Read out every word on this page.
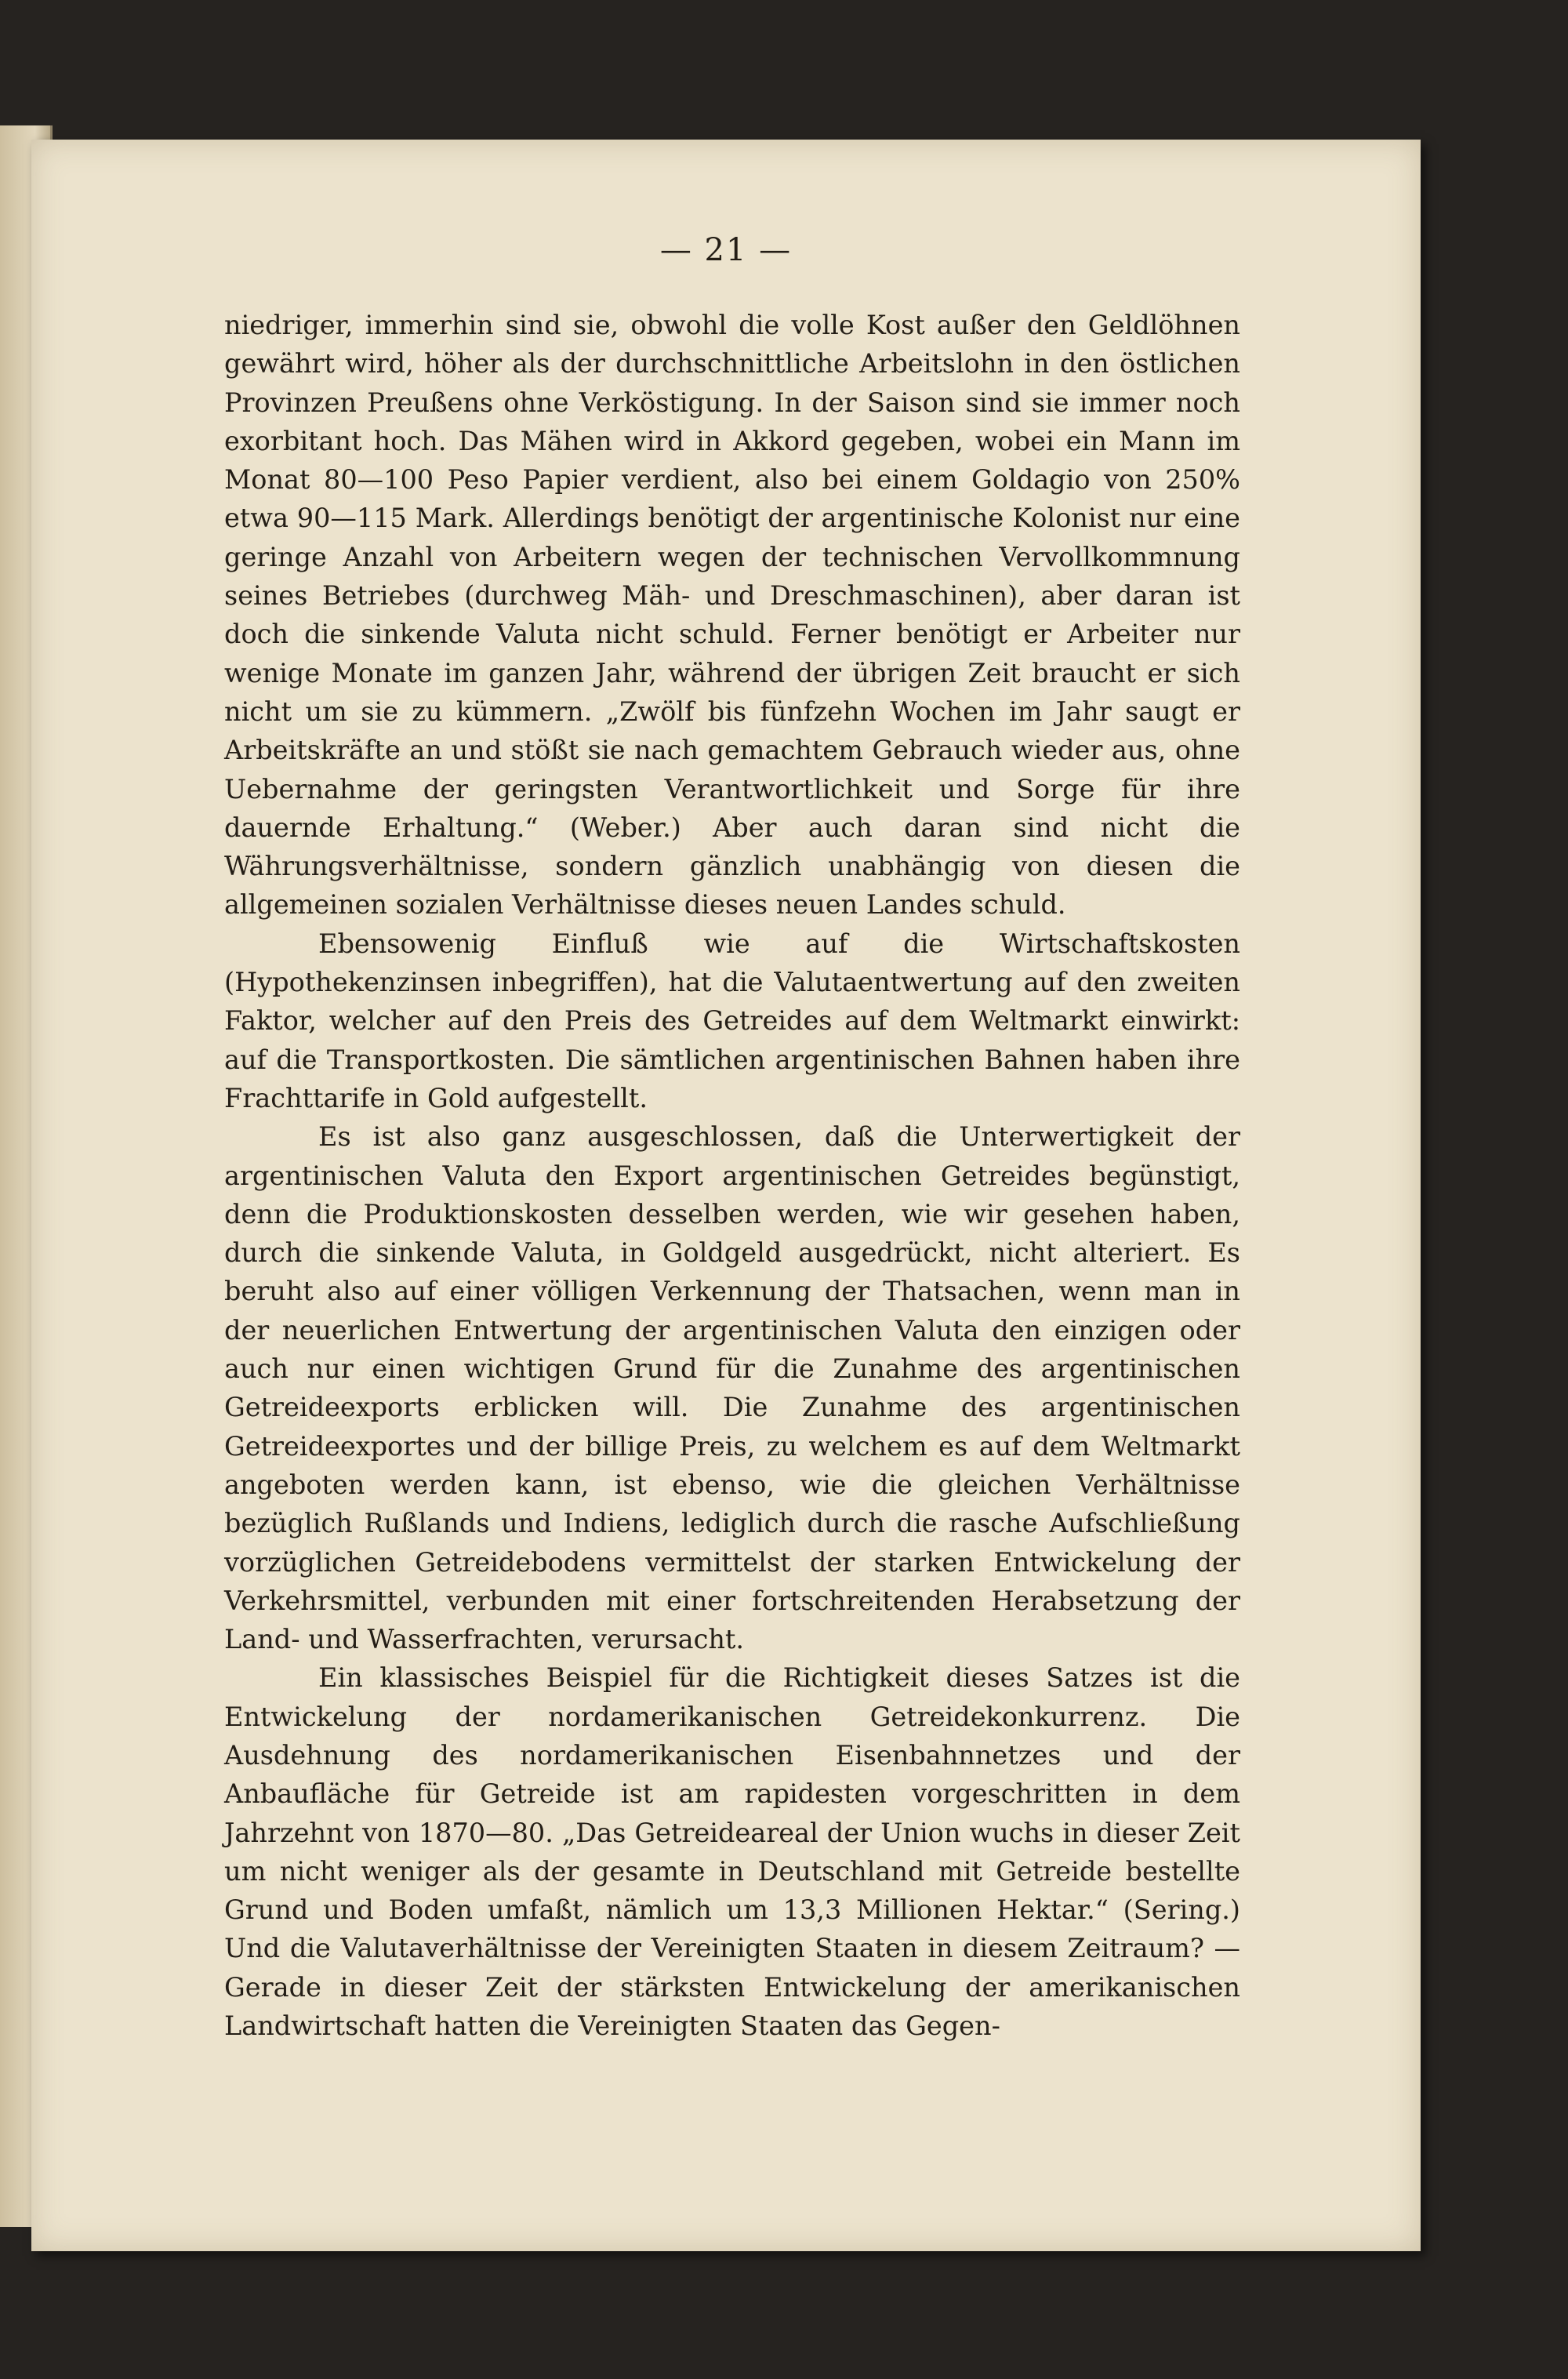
— 21 —

niedriger, immerhin sind sie, obwohl die volle Kost außer den Geldlöhnen gewährt wird, höher als der durchschnittliche Arbeitslohn in den östlichen Provinzen Preußens ohne Verköstigung. In der Saison sind sie immer noch exorbitant hoch. Das Mähen wird in Akkord gegeben, wobei ein Mann im Monat 80—100 Peso Papier verdient, also bei einem Goldagio von 250% etwa 90—115 Mark. Allerdings benötigt der argentinische Kolonist nur eine geringe Anzahl von Arbeitern wegen der technischen Vervollkommnung seines Betriebes (durchweg Mäh- und Dreschmaschinen), aber daran ist doch die sinkende Valuta nicht schuld. Ferner benötigt er Arbeiter nur wenige Monate im ganzen Jahr, während der übrigen Zeit braucht er sich nicht um sie zu kümmern. „Zwölf bis fünfzehn Wochen im Jahr saugt er Arbeitskräfte an und stößt sie nach gemachtem Gebrauch wieder aus, ohne Uebernahme der geringsten Verantwortlichkeit und Sorge für ihre dauernde Erhaltung.“ (Weber.) Aber auch daran sind nicht die Währungsverhältnisse, sondern gänzlich unabhängig von diesen die allgemeinen sozialen Verhältnisse dieses neuen Landes schuld.

Ebensowenig Einfluß wie auf die Wirtschaftskosten (Hypothekenzinsen inbegriffen), hat die Valutaentwertung auf den zweiten Faktor, welcher auf den Preis des Getreides auf dem Weltmarkt einwirkt: auf die Transportkosten. Die sämtlichen argentinischen Bahnen haben ihre Frachttarife in Gold aufgestellt.

Es ist also ganz ausgeschlossen, daß die Unterwertigkeit der argentinischen Valuta den Export argentinischen Getreides begünstigt, denn die Produktionskosten desselben werden, wie wir gesehen haben, durch die sinkende Valuta, in Goldgeld ausgedrückt, nicht alteriert. Es beruht also auf einer völligen Verkennung der Thatsachen, wenn man in der neuerlichen Entwertung der argentinischen Valuta den einzigen oder auch nur einen wichtigen Grund für die Zunahme des argentinischen Getreideexports erblicken will. Die Zunahme des argentinischen Getreideexportes und der billige Preis, zu welchem es auf dem Weltmarkt angeboten werden kann, ist ebenso, wie die gleichen Verhältnisse bezüglich Rußlands und Indiens, lediglich durch die rasche Aufschließung vorzüglichen Getreidebodens vermittelst der starken Entwickelung der Verkehrsmittel, verbunden mit einer fortschreitenden Herabsetzung der Land- und Wasserfrachten, verursacht.

Ein klassisches Beispiel für die Richtigkeit dieses Satzes ist die Entwickelung der nordamerikanischen Getreidekonkurrenz. Die Ausdehnung des nordamerikanischen Eisenbahnnetzes und der Anbaufläche für Getreide ist am rapidesten vorgeschritten in dem Jahrzehnt von 1870—80. „Das Getreideareal der Union wuchs in dieser Zeit um nicht weniger als der gesamte in Deutschland mit Getreide bestellte Grund und Boden umfaßt, nämlich um 13,3 Millionen Hektar.“ (Sering.) Und die Valutaverhältnisse der Vereinigten Staaten in diesem Zeitraum? — Gerade in dieser Zeit der stärksten Entwickelung der amerikanischen Landwirtschaft hatten die Vereinigten Staaten das Gegen-
